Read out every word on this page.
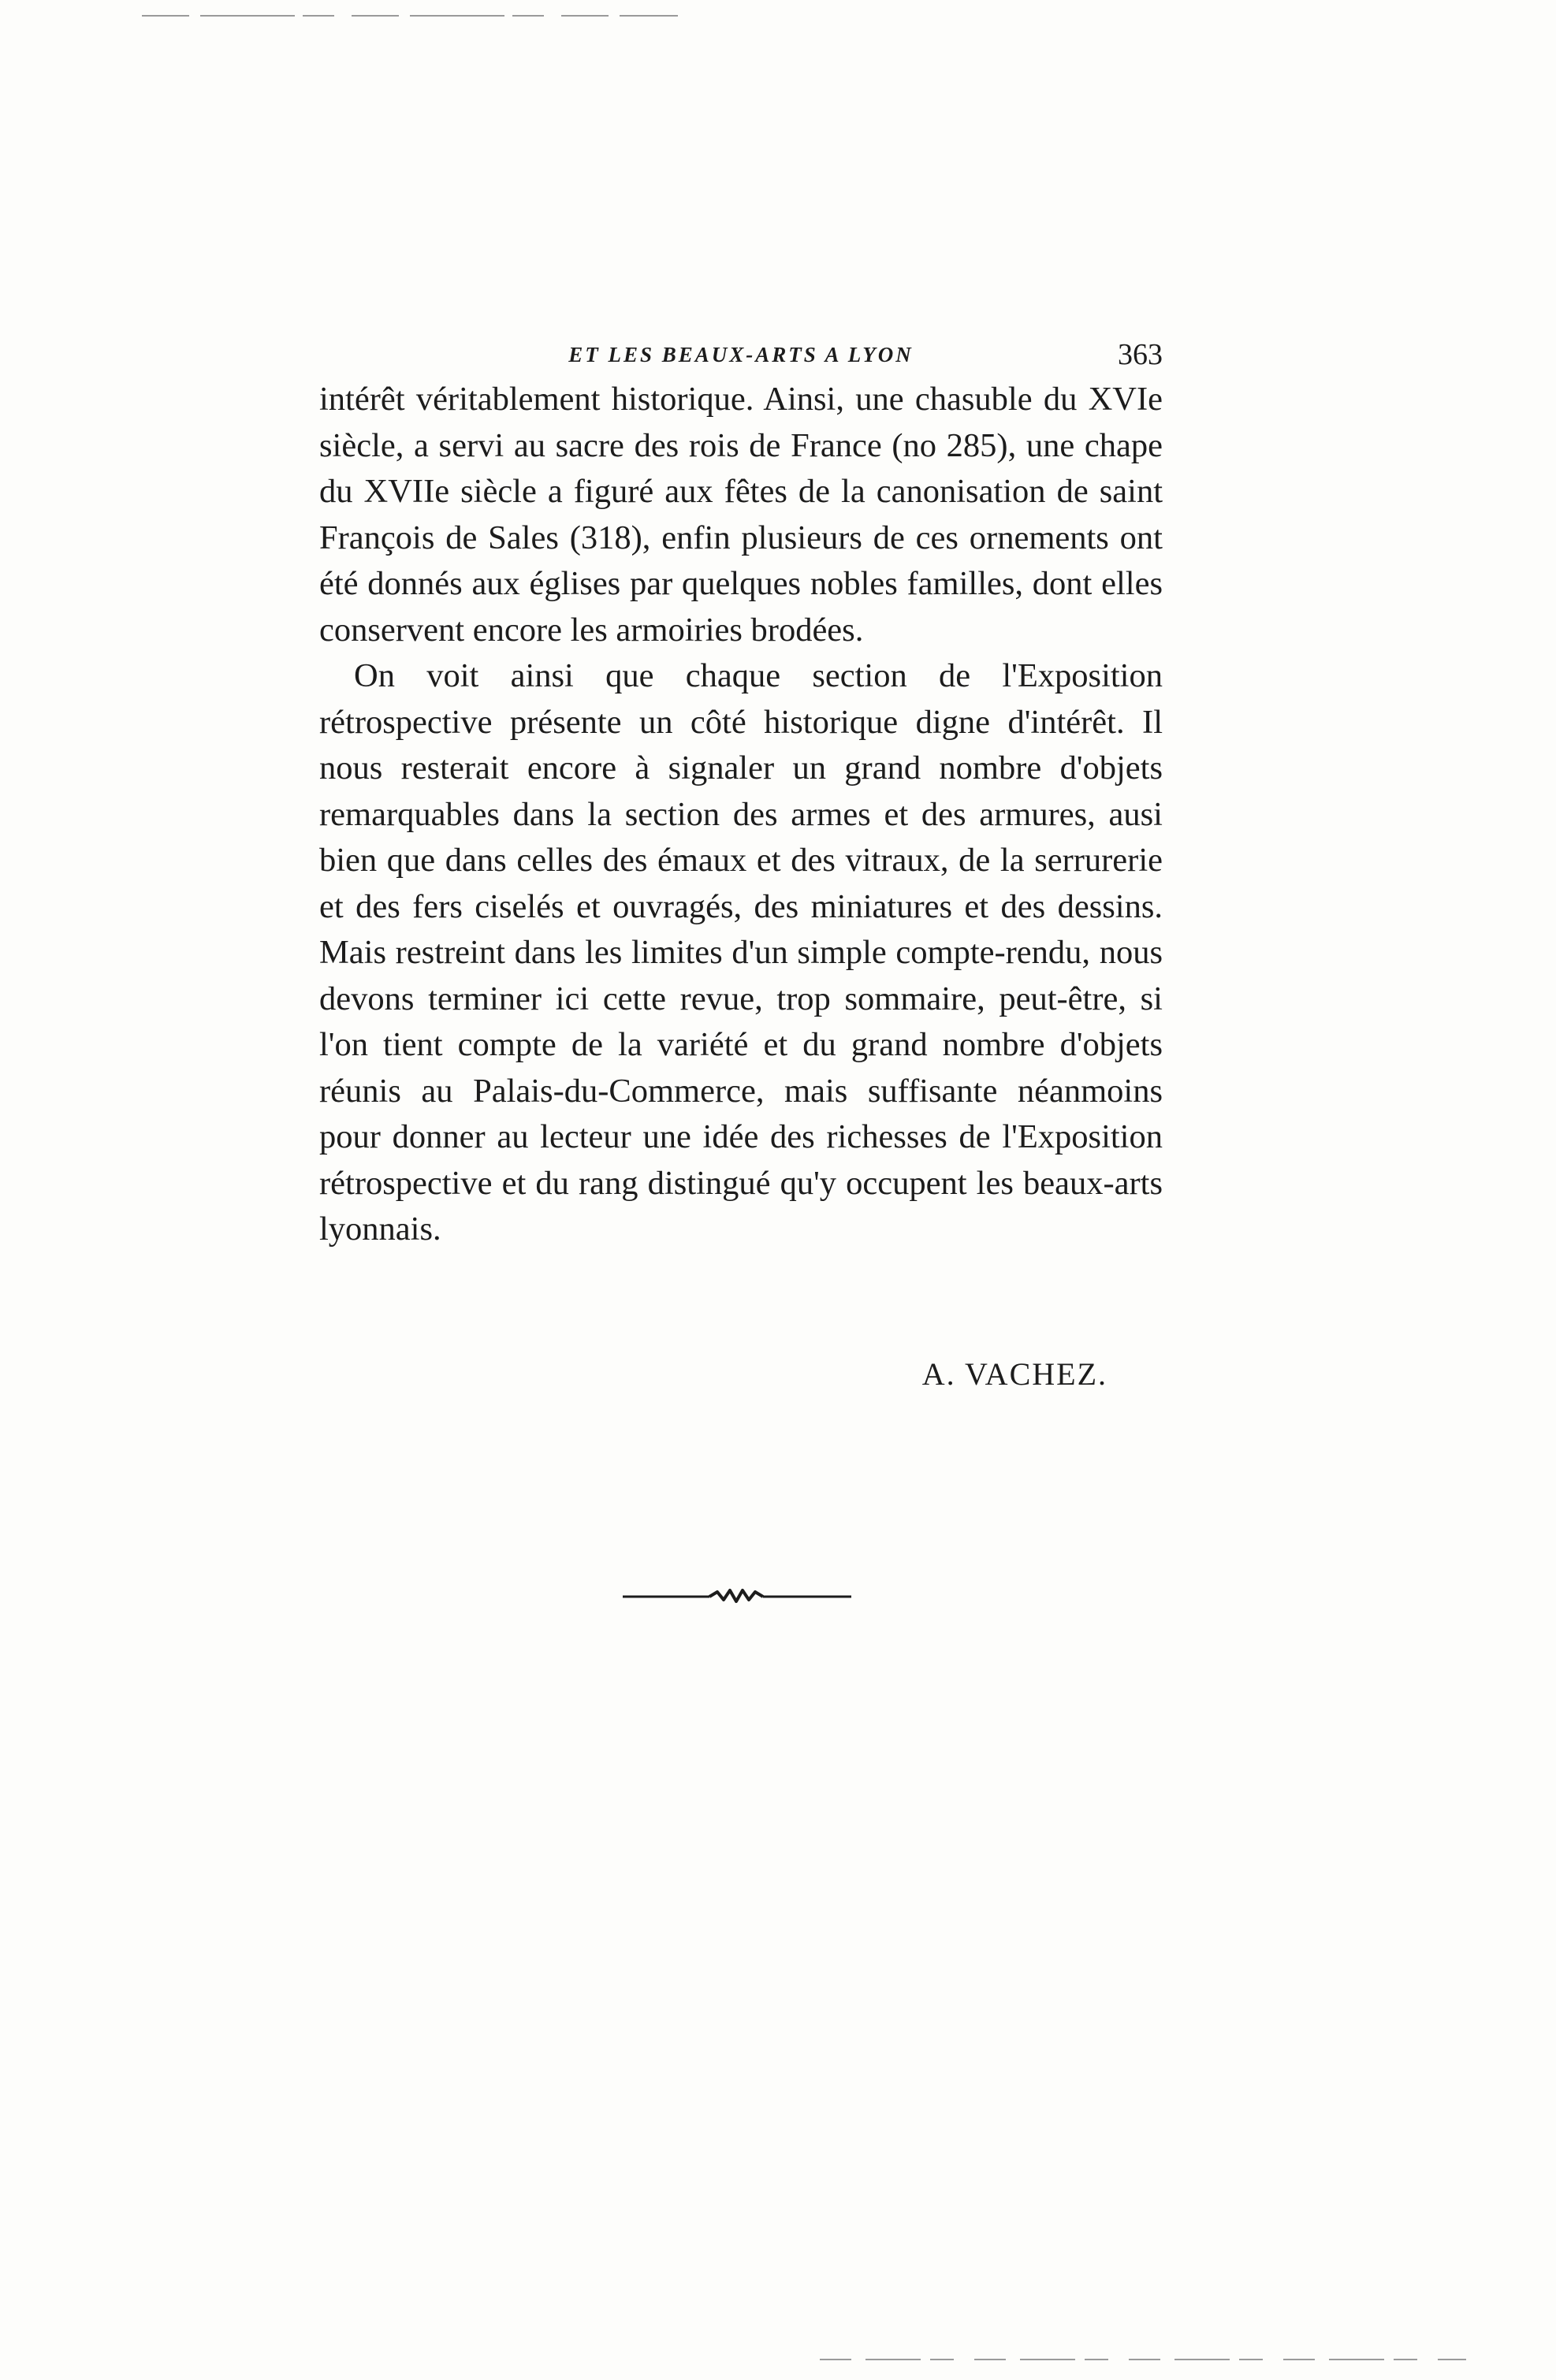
ET LES BEAUX-ARTS A LYON	363

intérêt véritablement historique. Ainsi, une chasuble du XVIe siècle, a servi au sacre des rois de France (no 285), une chape du XVIIe siècle a figuré aux fêtes de la canonisation de saint François de Sales (318), enfin plusieurs de ces ornements ont été donnés aux églises par quelques nobles familles, dont elles conservent encore les armoiries brodées.

On voit ainsi que chaque section de l'Exposition rétrospective présente un côté historique digne d'intérêt. Il nous resterait encore à signaler un grand nombre d'objets remarquables dans la section des armes et des armures, ausi bien que dans celles des émaux et des vitraux, de la serrurerie et des fers ciselés et ouvragés, des miniatures et des dessins. Mais restreint dans les limites d'un simple compte-rendu, nous devons terminer ici cette revue, trop sommaire, peut-être, si l'on tient compte de la variété et du grand nombre d'objets réunis au Palais-du-Commerce, mais suffisante néanmoins pour donner au lecteur une idée des richesses de l'Exposition rétrospective et du rang distingué qu'y occupent les beaux-arts lyonnais.

A. VACHEZ.
